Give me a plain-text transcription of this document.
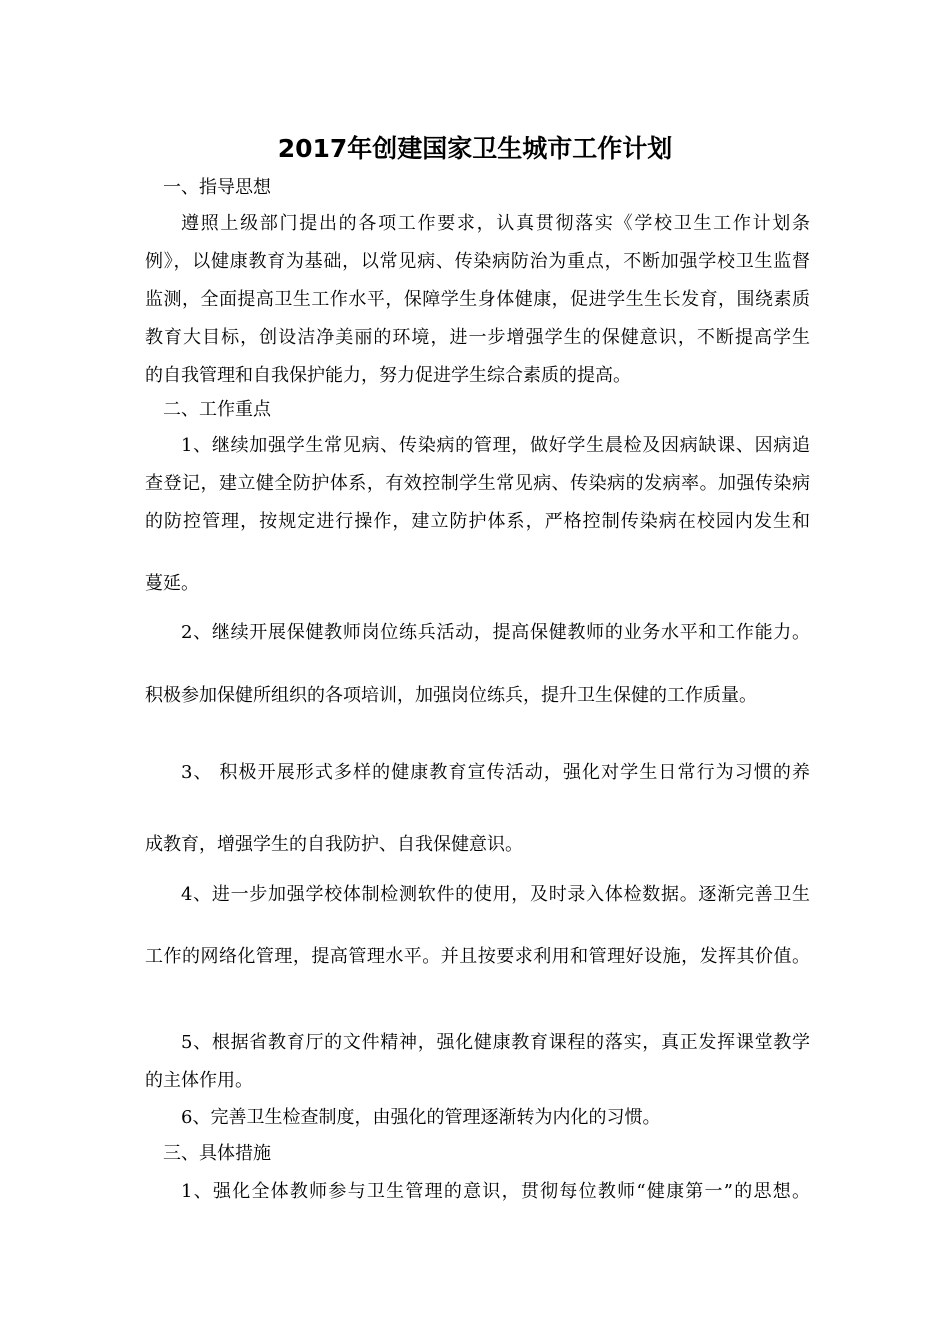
2017年创建国家卫生城市工作计划
一、指导思想
遵照上级部门提出的各项工作要求，认真贯彻落实《学校卫生工作计划条
例》，以健康教育为基础，以常见病、传染病防治为重点，不断加强学校卫生监督
监测，全面提高卫生工作水平，保障学生身体健康，促进学生生长发育，围绕素质
教育大目标，创设洁净美丽的环境，进一步增强学生的保健意识，不断提高学生
的自我管理和自我保护能力，努力促进学生综合素质的提高。
二、工作重点
1、继续加强学生常见病、传染病的管理，做好学生晨检及因病缺课、因病追
查登记，建立健全防护体系，有效控制学生常见病、传染病的发病率。加强传染病
的防控管理，按规定进行操作，建立防护体系，严格控制传染病在校园内发生和
蔓延。
2、继续开展保健教师岗位练兵活动，提高保健教师的业务水平和工作能力。
积极参加保健所组织的各项培训，加强岗位练兵，提升卫生保健的工作质量。
3、 积极开展形式多样的健康教育宣传活动，强化对学生日常行为习惯的养
成教育，增强学生的自我防护、自我保健意识。
4、进一步加强学校体制检测软件的使用，及时录入体检数据。逐渐完善卫生
工作的网络化管理，提高管理水平。并且按要求利用和管理好设施，发挥其价值。
5、根据省教育厅的文件精神，强化健康教育课程的落实，真正发挥课堂教学
的主体作用。
6、完善卫生检查制度，由强化的管理逐渐转为内化的习惯。
三、具体措施
1、强化全体教师参与卫生管理的意识，贯彻每位教师“健康第一”的思想。
